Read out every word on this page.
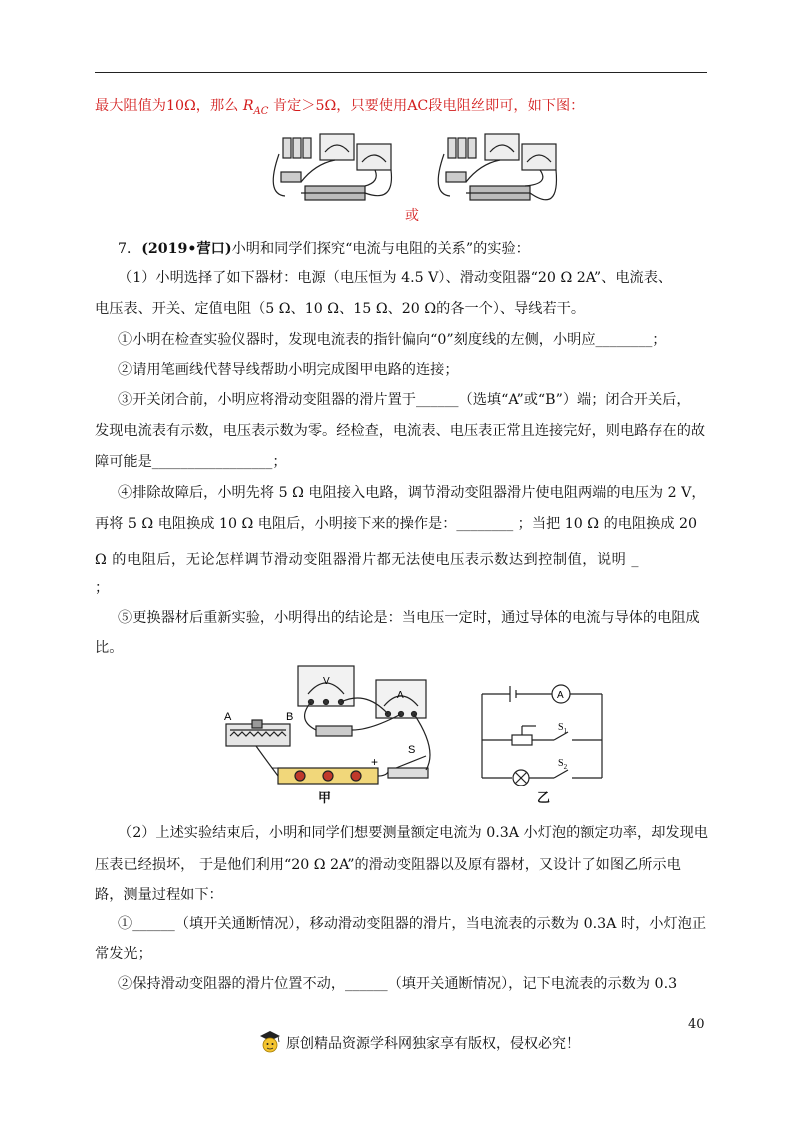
最大阻值为10Ω，那么 $R_{AC}$ 肯定＞5Ω，只要使用AC段电阻丝即可，如下图：
或
7．(2019•营口)小明和同学们探究“电流与电阻的关系”的实验：
（1）小明选择了如下器材：电源（电压恒为 4.5 V）、滑动变阻器“20 Ω 2A”、电流表、
电压表、开关、定值电阻（5 Ω、10 Ω、15 Ω、20 Ω的各一个）、导线若干。
①小明在检查实验仪器时，发现电流表的指针偏向“0”刻度线的左侧，小明应________；
②请用笔画线代替导线帮助小明完成图甲电路的连接；
③开关闭合前，小明应将滑动变阻器的滑片置于______（选填“A”或“B”）端；闭合开关后，
发现电流表有示数，电压表示数为零。经检查，电流表、电压表正常且连接完好，则电路存在的故
障可能是_________________；
④排除故障后，小明先将 5 Ω 电阻接入电路，调节滑动变阻器滑片使电阻两端的电压为 2 V，
再将 5 Ω 电阻换成 10 Ω 电阻后，小明接下来的操作是：________ ；当把 10 Ω 的电阻换成 20
Ω 的电阻后，无论怎样调节滑动变阻器滑片都无法使电压表示数达到控制值，说明 _
；
⑤更换器材后重新实验，小明得出的结论是：当电压一定时，通过导体的电流与导体的电阻成
比。
A	B
S
−	+
V
A
甲
A
$S_1$
$S_2$
乙
（2）上述实验结束后，小明和同学们想要测量额定电流为 0.3A 小灯泡的额定功率，却发现电
压表已经损坏， 于是他们利用“20 Ω 2A”的滑动变阻器以及原有器材，又设计了如图乙所示电
路，测量过程如下：
①______（填开关通断情况），移动滑动变阻器的滑片，当电流表的示数为 0.3A 时，小灯泡正
常发光；
②保持滑动变阻器的滑片位置不动，______（填开关通断情况），记下电流表的示数为 0.3
40
原创精品资源学科网独家享有版权，侵权必究！
